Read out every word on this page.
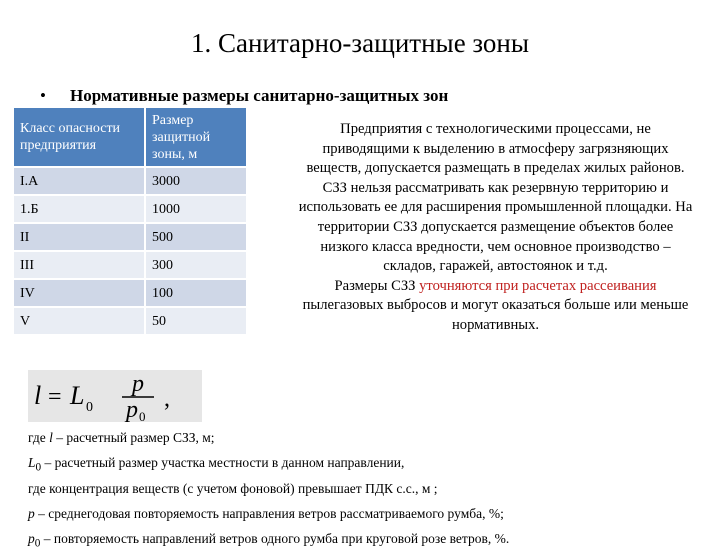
1. Санитарно-защитные зоны
• Нормативные размеры санитарно-защитных зон
Класс опасности предприятия	Размер защитной зоны, м
I.А	3000
1.Б	1000
II	500
III	300
IV	100
V	50
Предприятия с технологическими процессами, не приводящими к выделению в атмосферу загрязняющих веществ, допускается размещать в пределах жилых районов.
СЗЗ нельзя рассматривать как резервную территорию и использовать ее для расширения промышленной площадки. На территории СЗЗ допускается размещение объектов более низкого класса вредности, чем основное производство – складов, гаражей, автостоянок и т.д.
Размеры СЗЗ уточняются при расчетах рассеивания пылегазовых выбросов и могут оказаться больше или меньше нормативных.
l = L 0
p
p 0
,
где l – расчетный размер СЗЗ, м;
$L_0$ – расчетный размер участка местности в данном направлении,
где концентрация веществ (с учетом фоновой) превышает ПДК с.с., м ;
р – среднегодовая повторяемость направления ветров рассматриваемого румба, %;
$р_0$ – повторяемость направлений ветров одного румба при круговой розе ветров, %.
